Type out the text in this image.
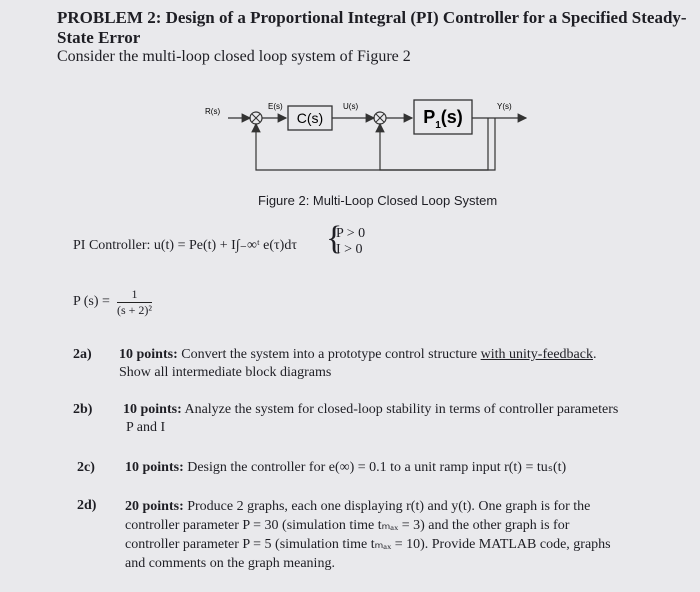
PROBLEM 2: Design of a Proportional Integral (PI) Controller for a Specified Steady-State Error
Consider the multi-loop closed loop system of Figure 2
R(s)
E(s)
C(s)
U(s)
$P_1(s)$
Y(s)
Figure 2: Multi-Loop Closed Loop System
PI Controller: u(t) = Pe(t) + I∫₋∞ᵗ e(τ)dτ {
P > 0
I > 0
P $(s) = \frac{1}{\text{(s + 2)²}}$
2a) 10 points: Convert the system into a prototype control structure with unity-feedback.
Show all intermediate block diagrams
2b) 10 points: Analyze the system for closed-loop stability in terms of controller parameters
P and I
2c) 10 points: Design the controller for e(∞) = 0.1 to a unit ramp input r(t) = tuₛ(t)
2d) 20 points: Produce 2 graphs, each one displaying r(t) and y(t). One graph is for the
controller parameter P = 30 (simulation time tₘₐₓ = 3) and the other graph is for
controller parameter P = 5 (simulation time tₘₐₓ = 10). Provide MATLAB code, graphs
and comments on the graph meaning.
